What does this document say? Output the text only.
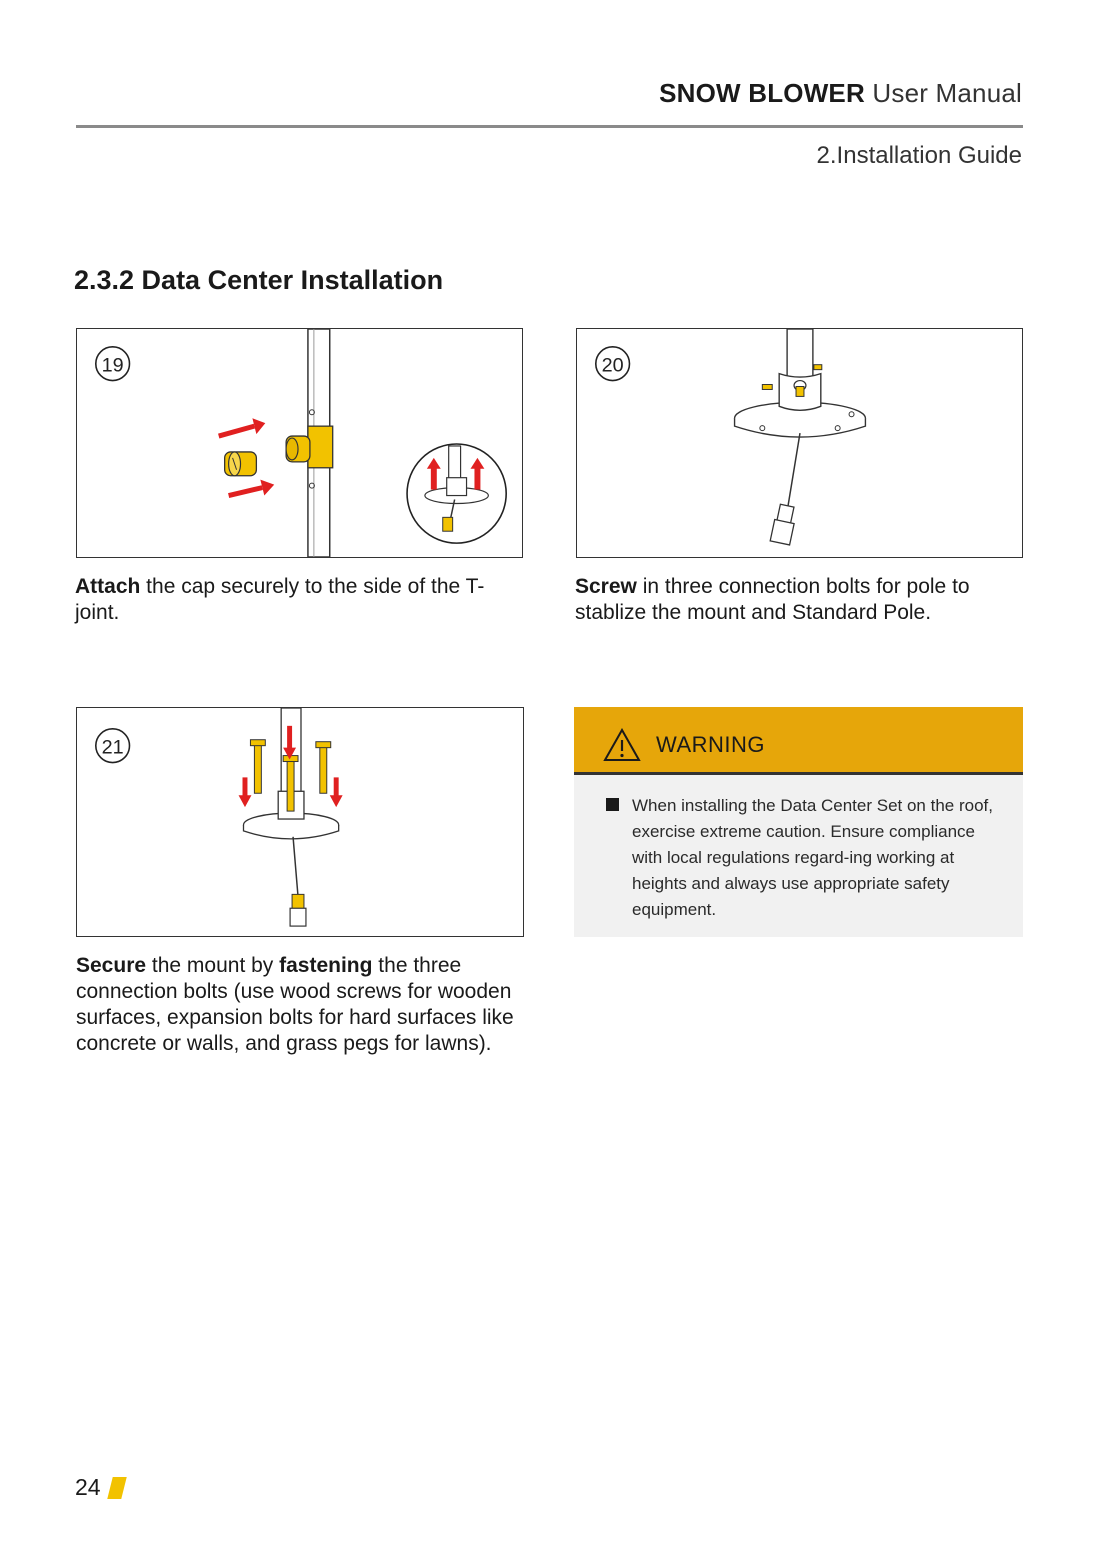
SNOW BLOWER User Manual
2.Installation Guide
2.3.2 Data Center Installation
19

Attach the cap securely to the side of the T-joint.

20

Screw in three connection bolts for pole to stablize the mount and Standard Pole.

21

Secure the mount by fastening the three connection bolts (use wood screws for wooden surfaces, expansion bolts for hard surfaces like concrete or walls, and grass pegs for lawns).

WARNING
When installing the Data Center Set on the roof, exercise extreme caution. Ensure compliance with local regulations regard-ing working at heights and always use appropriate safety equipment.
24
